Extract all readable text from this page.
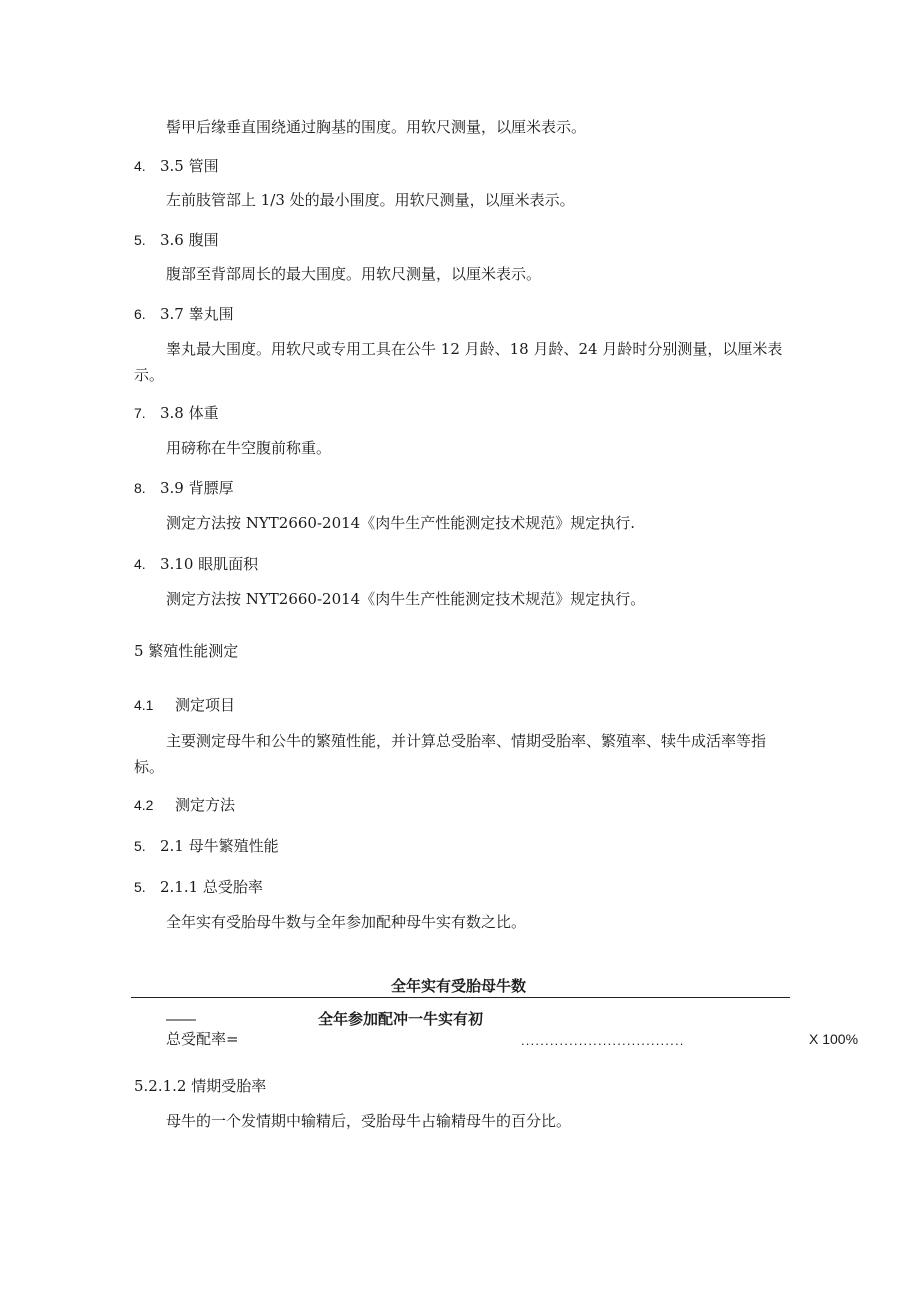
髻甲后缘垂直围绕通过胸基的围度。用软尺测量，以厘米表示。
4. 3.5 管围
左前肢管部上 1/3 处的最小围度。用软尺测量，以厘米表示。
5. 3.6 腹围
腹部至背部周长的最大围度。用软尺测量，以厘米表示。
6. 3.7 睾丸围
睾丸最大围度。用软尺或专用工具在公牛 12 月龄、18 月龄、24 月龄时分别测量，以厘米表
示。
7. 3.8 体重
用磅称在牛空腹前称重。
8. 3.9 背膘厚
测定方法按 NYT2660-2014《肉牛生产性能测定技术规范》规定执行.
4. 3.10 眼肌面积
测定方法按 NYT2660-2014《肉牛生产性能测定技术规范》规定执行。
5 繁殖性能测定
4.1 测定项目
主要测定母牛和公牛的繁殖性能，并计算总受胎率、情期受胎率、繁殖率、犊牛成活率等指
标。
4.2 测定方法
5. 2.1 母牛繁殖性能
5. 2.1.1 总受胎率
全年实有受胎母牛数与全年参加配种母牛实有数之比。
全年实有受胎母牛数
——	全年参加配冲一牛实有初
总受配率=	..................................	X 100%
5.2.1.2 情期受胎率
母牛的一个发情期中输精后，受胎母牛占输精母牛的百分比。
